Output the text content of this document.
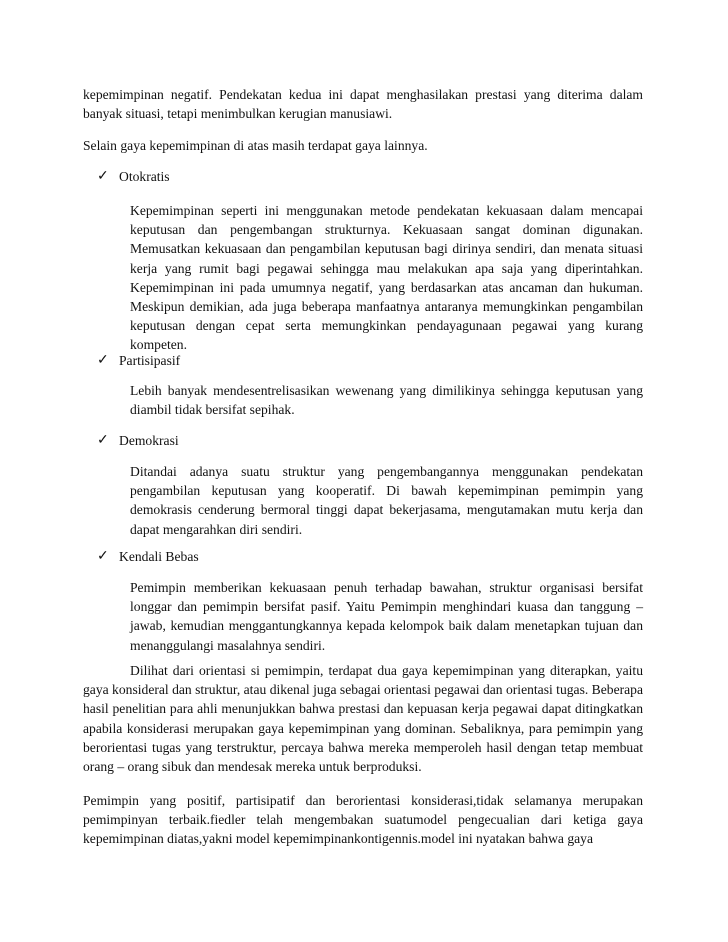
kepemimpinan negatif. Pendekatan kedua ini dapat menghasilakan prestasi yang diterima dalam banyak situasi, tetapi menimbulkan kerugian manusiawi.

Selain gaya kepemimpinan di atas masih terdapat gaya lainnya.

✓ Otokratis

Kepemimpinan seperti ini menggunakan metode pendekatan kekuasaan dalam mencapai keputusan dan pengembangan strukturnya. Kekuasaan sangat dominan digunakan. Memusatkan kekuasaan dan pengambilan keputusan bagi dirinya sendiri, dan menata situasi kerja yang rumit bagi pegawai sehingga mau melakukan apa saja yang diperintahkan. Kepemimpinan ini pada umumnya negatif, yang berdasarkan atas ancaman dan hukuman. Meskipun demikian, ada juga beberapa manfaatnya antaranya memungkinkan pengambilan keputusan dengan cepat serta memungkinkan pendayagunaan pegawai yang kurang kompeten.

✓ Partisipasif

Lebih banyak mendesentrelisasikan wewenang yang dimilikinya sehingga keputusan yang diambil tidak bersifat sepihak.

✓ Demokrasi

Ditandai adanya suatu struktur yang pengembangannya menggunakan pendekatan pengambilan keputusan yang kooperatif. Di bawah kepemimpinan pemimpin yang demokrasis cenderung bermoral tinggi dapat bekerjasama, mengutamakan mutu kerja dan dapat mengarahkan diri sendiri.

✓ Kendali Bebas

Pemimpin memberikan kekuasaan penuh terhadap bawahan, struktur organisasi bersifat longgar dan pemimpin bersifat pasif. Yaitu Pemimpin menghindari kuasa dan tanggung – jawab, kemudian menggantungkannya kepada kelompok baik dalam menetapkan tujuan dan menanggulangi masalahnya sendiri.

Dilihat dari orientasi si pemimpin, terdapat dua gaya kepemimpinan yang diterapkan, yaitu gaya konsideral dan struktur, atau dikenal juga sebagai orientasi pegawai dan orientasi tugas. Beberapa hasil penelitian para ahli menunjukkan bahwa prestasi dan kepuasan kerja pegawai dapat ditingkatkan apabila konsiderasi merupakan gaya kepemimpinan yang dominan. Sebaliknya, para pemimpin yang berorientasi tugas yang terstruktur, percaya bahwa mereka memperoleh hasil dengan tetap membuat orang – orang sibuk dan mendesak mereka untuk berproduksi.

Pemimpin yang positif, partisipatif dan berorientasi konsiderasi,tidak selamanya merupakan pemimpinyan terbaik.fiedler telah mengembakan suatumodel pengecualian dari ketiga gaya kepemimpinan diatas,yakni model kepemimpinankontigennis.model ini nyatakan bahwa gaya
